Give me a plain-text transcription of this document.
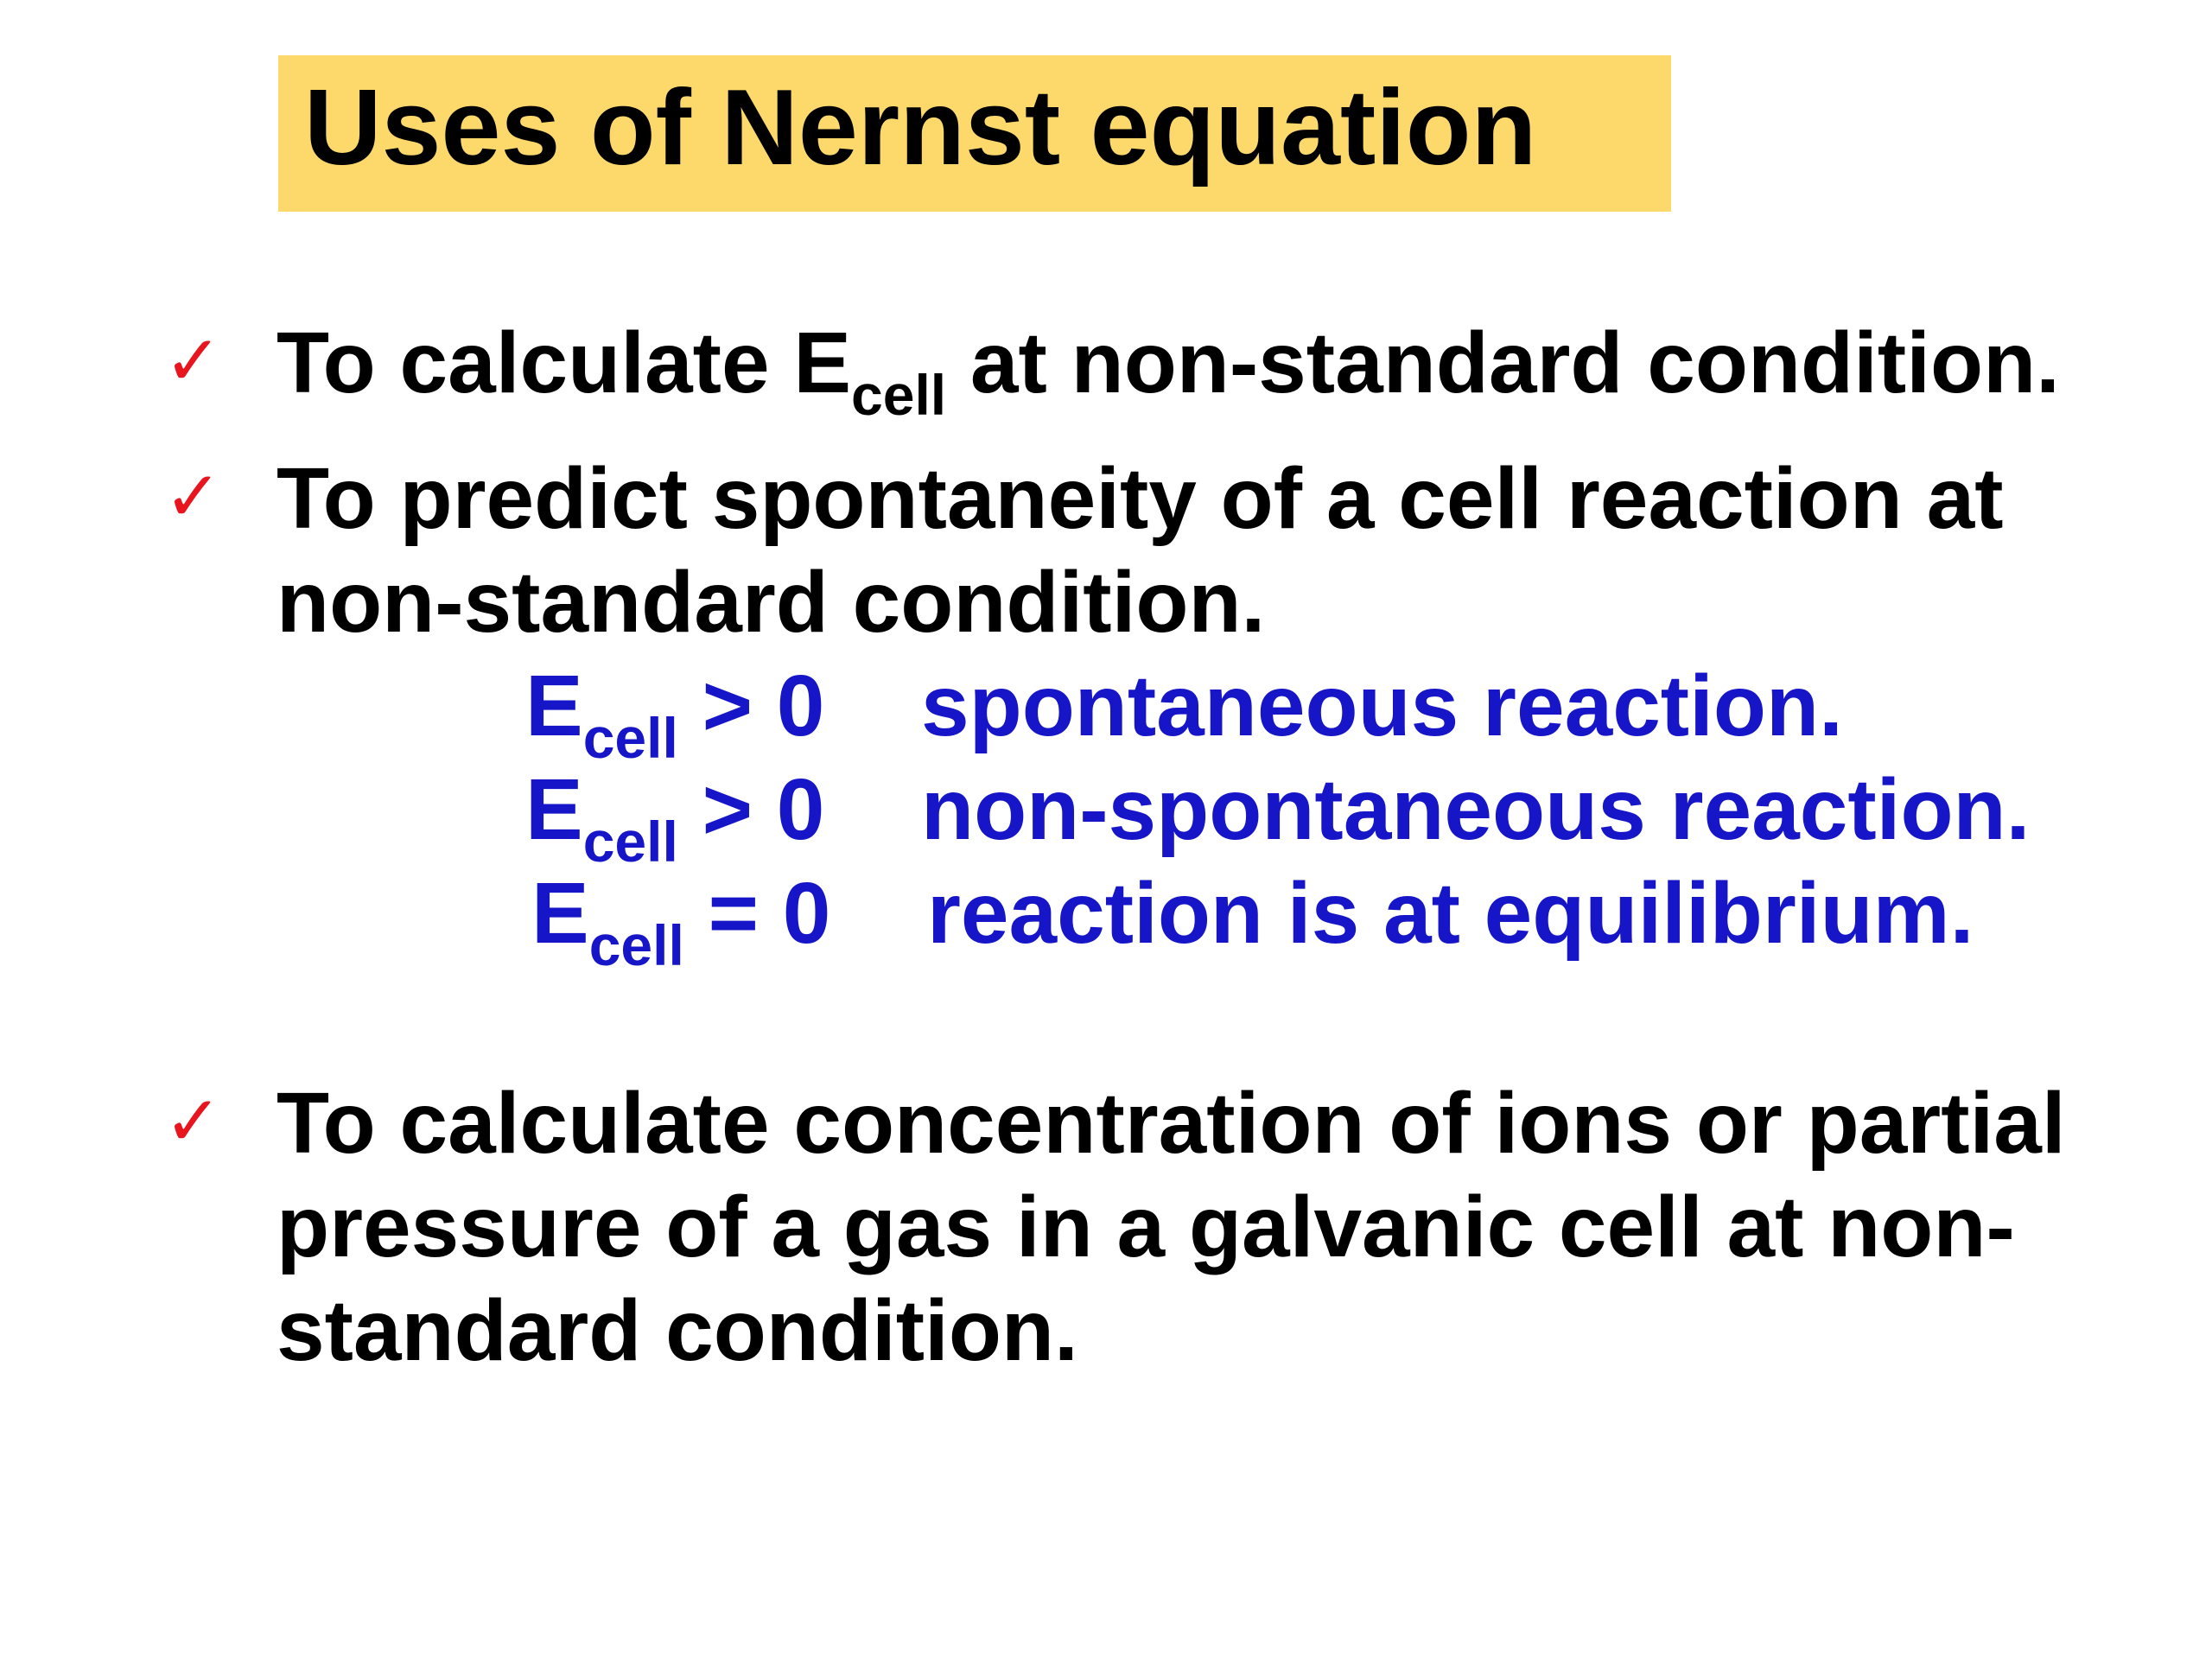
Uses of Nernst equation
✓ To calculate $E_{cell}$ at non-standard condition.
✓ To predict spontaneity of a cell reaction at
non-standard condition.
$E_{cell} > 0$ spontaneous reaction.
$E_{cell} > 0$ non-spontaneous reaction.
$E_{cell} = 0$ reaction is at equilibrium.
✓ To calculate concentration of ions or partial
pressure of a gas in a galvanic cell at non-
standard condition.
